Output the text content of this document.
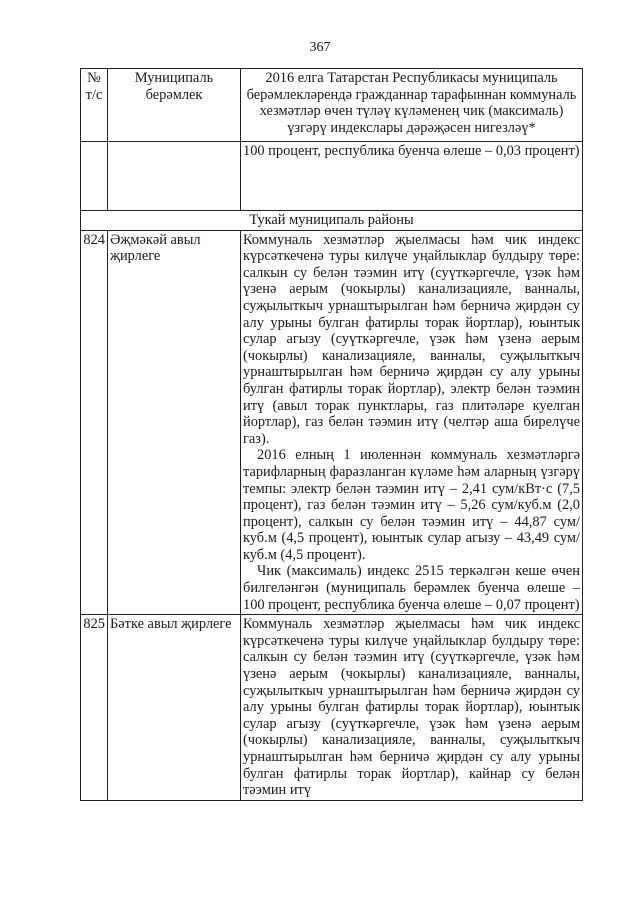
367
№ т/с	Муниципаль берәмлек	2016 елга Татарстан Республикасы муниципаль берәмлекләрендә гражданнар тарафыннан коммуналь хезмәтләр өчен түләү күләменең чик (максималь) үзгәрү индекслары дәрәҗәсен нигезләү*
		100 процент, республика буенча өлеше – 0,03 процент)
Тукай муниципаль районы		
824	Әҗмәкәй авыл җирлеге	Коммуналь хезмәтләр җыелмасы һәм чик индекс күрсәткеченә туры килүче уңайлыклар булдыру төре: салкын су белән тәэмин итү (суүткәргечле, үзәк һәм үзенә аерым (чокырлы) канализацияле, ванналы, суҗылыткыч урнаштырылган һәм берничә җирдән су алу урыны булган фатирлы торак йортлар), юынтык сулар агызу (суүткәргечле, үзәк һәм үзенә аерым (чокырлы) канализацияле, ванналы, суҗылыткыч урнаштырылган һәм берничә җирдән су алу урыны булган фатирлы торак йортлар), электр белән тәэмин итү (авыл торак пунктлары, газ плитәләре куелган йортлар), газ белән тәэмин итү (челтәр аша бирелүче газ).

2016 елның 1 июленнән коммуналь хезмәтләргә тарифларның фаразланган күләме һәм аларның үзгәрү темпы: электр белән тәэмин итү – 2,41 сум/кВт·с (7,5 процент), газ белән тәэмин итү – 5,26 сум/куб.м (2,0 процент), салкын су белән тәэмин итү – 44,87 сум/куб.м (4,5 процент), юынтык сулар агызу – 43,49 сум/куб.м (4,5 процент).

Чик (максималь) индекс 2515 теркәлгән кеше өчен билгеләнгән (муниципаль берәмлек буенча өлеше – 100 процент, республика буенча өлеше – 0,07 процент)

825	Бәтке авыл җирлеге	Коммуналь хезмәтләр җыелмасы һәм чик индекс күрсәткеченә туры килүче уңайлыклар булдыру төре: салкын су белән тәэмин итү (суүткәргечле, үзәк һәм үзенә аерым (чокырлы) канализацияле, ванналы, суҗылыткыч урнаштырылган һәм берничә җирдән су алу урыны булган фатирлы торак йортлар), юынтык сулар агызу (суүткәргечле, үзәк һәм үзенә аерым (чокырлы) канализацияле, ванналы, суҗылыткыч урнаштырылган һәм берничә җирдән су алу урыны булган фатирлы торак йортлар), кайнар су белән тәэмин итү
